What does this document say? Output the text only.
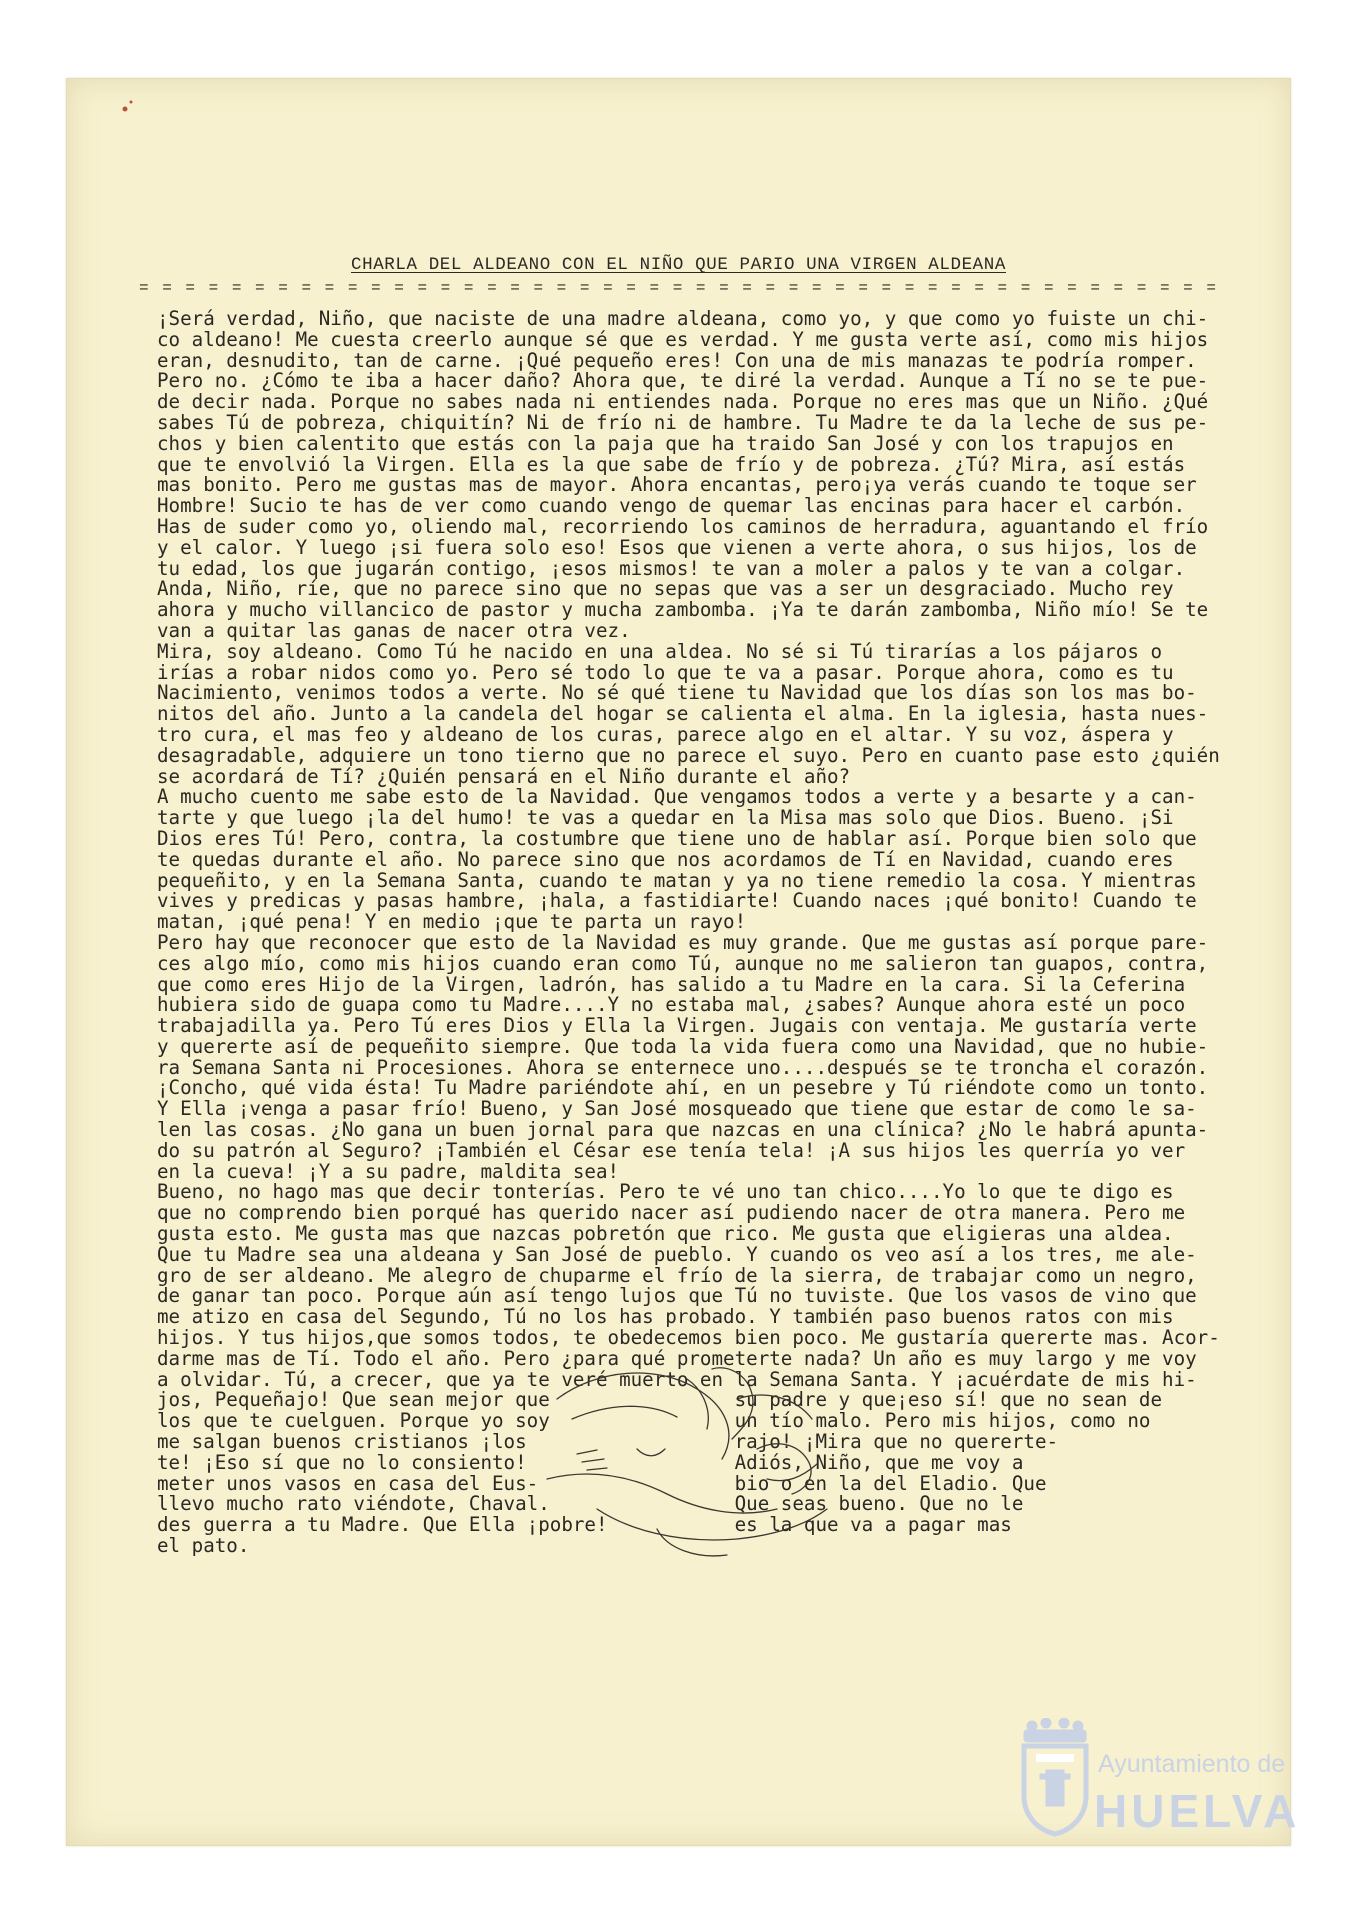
CHARLA DEL ALDEANO CON EL NIÑO QUE PARIO UNA VIRGEN ALDEANA
= = = = = = = = = = = = = = = = = = = = = = = = = = = = = = = = = = = = = = = = = = = = = = =
¡Será verdad, Niño, que naciste de una madre aldeana, como yo, y que como yo fuiste un chi-
co aldeano! Me cuesta creerlo aunque sé que es verdad. Y me gusta verte así, como mis hijos
eran, desnudito, tan de carne. ¡Qué pequeño eres! Con una de mis manazas te podría romper.
Pero no. ¿Cómo te iba a hacer daño? Ahora que, te diré la verdad. Aunque a Tí no se te pue-
de decir nada. Porque no sabes nada ni entiendes nada. Porque no eres mas que un Niño. ¿Qué
sabes Tú de pobreza, chiquitín? Ni de frío ni de hambre. Tu Madre te da la leche de sus pe-
chos y bien calentito que estás con la paja que ha traido San José y con los trapujos en
que te envolvió la Virgen. Ella es la que sabe de frío y de pobreza. ¿Tú? Mira, así estás
mas bonito. Pero me gustas mas de mayor. Ahora encantas, pero¡ya verás cuando te toque ser
Hombre! Sucio te has de ver como cuando vengo de quemar las encinas para hacer el carbón.
Has de suder como yo, oliendo mal, recorriendo los caminos de herradura, aguantando el frío
y el calor. Y luego ¡si fuera solo eso! Esos que vienen a verte ahora, o sus hijos, los de
tu edad, los que jugarán contigo, ¡esos mismos! te van a moler a palos y te van a colgar.
Anda, Niño, ríe, que no parece sino que no sepas que vas a ser un desgraciado. Mucho rey
ahora y mucho villancico de pastor y mucha zambomba. ¡Ya te darán zambomba, Niño mío! Se te
van a quitar las ganas de nacer otra vez.
Mira, soy aldeano. Como Tú he nacido en una aldea. No sé si Tú tirarías a los pájaros o
irías a robar nidos como yo. Pero sé todo lo que te va a pasar. Porque ahora, como es tu
Nacimiento, venimos todos a verte. No sé qué tiene tu Navidad que los días son los mas bo-
nitos del año. Junto a la candela del hogar se calienta el alma. En la iglesia, hasta nues-
tro cura, el mas feo y aldeano de los curas, parece algo en el altar. Y su voz, áspera y
desagradable, adquiere un tono tierno que no parece el suyo. Pero en cuanto pase esto ¿quién
se acordará de Tí? ¿Quién pensará en el Niño durante el año?
A mucho cuento me sabe esto de la Navidad. Que vengamos todos a verte y a besarte y a can-
tarte y que luego ¡la del humo! te vas a quedar en la Misa mas solo que Dios. Bueno. ¡Si
Dios eres Tú! Pero, contra, la costumbre que tiene uno de hablar así. Porque bien solo que
te quedas durante el año. No parece sino que nos acordamos de Tí en Navidad, cuando eres
pequeñito, y en la Semana Santa, cuando te matan y ya no tiene remedio la cosa. Y mientras
vives y predicas y pasas hambre, ¡hala, a fastidiarte! Cuando naces ¡qué bonito! Cuando te
matan, ¡qué pena! Y en medio ¡que te parta un rayo!
Pero hay que reconocer que esto de la Navidad es muy grande. Que me gustas así porque pare-
ces algo mío, como mis hijos cuando eran como Tú, aunque no me salieron tan guapos, contra,
que como eres Hijo de la Virgen, ladrón, has salido a tu Madre en la cara. Si la Ceferina
hubiera sido de guapa como tu Madre....Y no estaba mal, ¿sabes? Aunque ahora esté un poco
trabajadilla ya. Pero Tú eres Dios y Ella la Virgen. Jugais con ventaja. Me gustaría verte
y quererte así de pequeñito siempre. Que toda la vida fuera como una Navidad, que no hubie-
ra Semana Santa ni Procesiones. Ahora se enternece uno....después se te troncha el corazón.
¡Concho, qué vida ésta! Tu Madre pariéndote ahí, en un pesebre y Tú riéndote como un tonto.
Y Ella ¡venga a pasar frío! Bueno, y San José mosqueado que tiene que estar de como le sa-
len las cosas. ¿No gana un buen jornal para que nazcas en una clínica? ¿No le habrá apunta-
do su patrón al Seguro? ¡También el César ese tenía tela! ¡A sus hijos les querría yo ver
en la cueva! ¡Y a su padre, maldita sea!
Bueno, no hago mas que decir tonterías. Pero te vé uno tan chico....Yo lo que te digo es
que no comprendo bien porqué has querido nacer así pudiendo nacer de otra manera. Pero me
gusta esto. Me gusta mas que nazcas pobretón que rico. Me gusta que eligieras una aldea.
Que tu Madre sea una aldeana y San José de pueblo. Y cuando os veo así a los tres, me ale-
gro de ser aldeano. Me alegro de chuparme el frío de la sierra, de trabajar como un negro,
de ganar tan poco. Porque aún así tengo lujos que Tú no tuviste. Que los vasos de vino que
me atizo en casa del Segundo, Tú no los has probado. Y también paso buenos ratos con mis
hijos. Y tus hijos,que somos todos, te obedecemos bien poco. Me gustaría quererte mas. Acor-
darme mas de Tí. Todo el año. Pero ¿para qué prometerte nada? Un año es muy largo y me voy
a olvidar. Tú, a crecer, que ya te veré muerto en la Semana Santa. Y ¡acuérdate de mis hi-
jos, Pequeñajo! Que sean mejor que                su padre y que¡eso sí! que no sean de
los que te cuelguen. Porque yo soy                un tío malo. Pero mis hijos, como no
me salgan buenos cristianos ¡los                  rajo! ¡Mira que no quererte-
te! ¡Eso sí que no lo consiento!                  Adiós, Niño, que me voy a
meter unos vasos en casa del Eus-                 bio o en la del Eladio. Que
llevo mucho rato viéndote, Chaval.                Que seas bueno. Que no le
des guerra a tu Madre. Que Ella ¡pobre!           es la que va a pagar mas
el pato.
Ayuntamiento de
HUELVA
